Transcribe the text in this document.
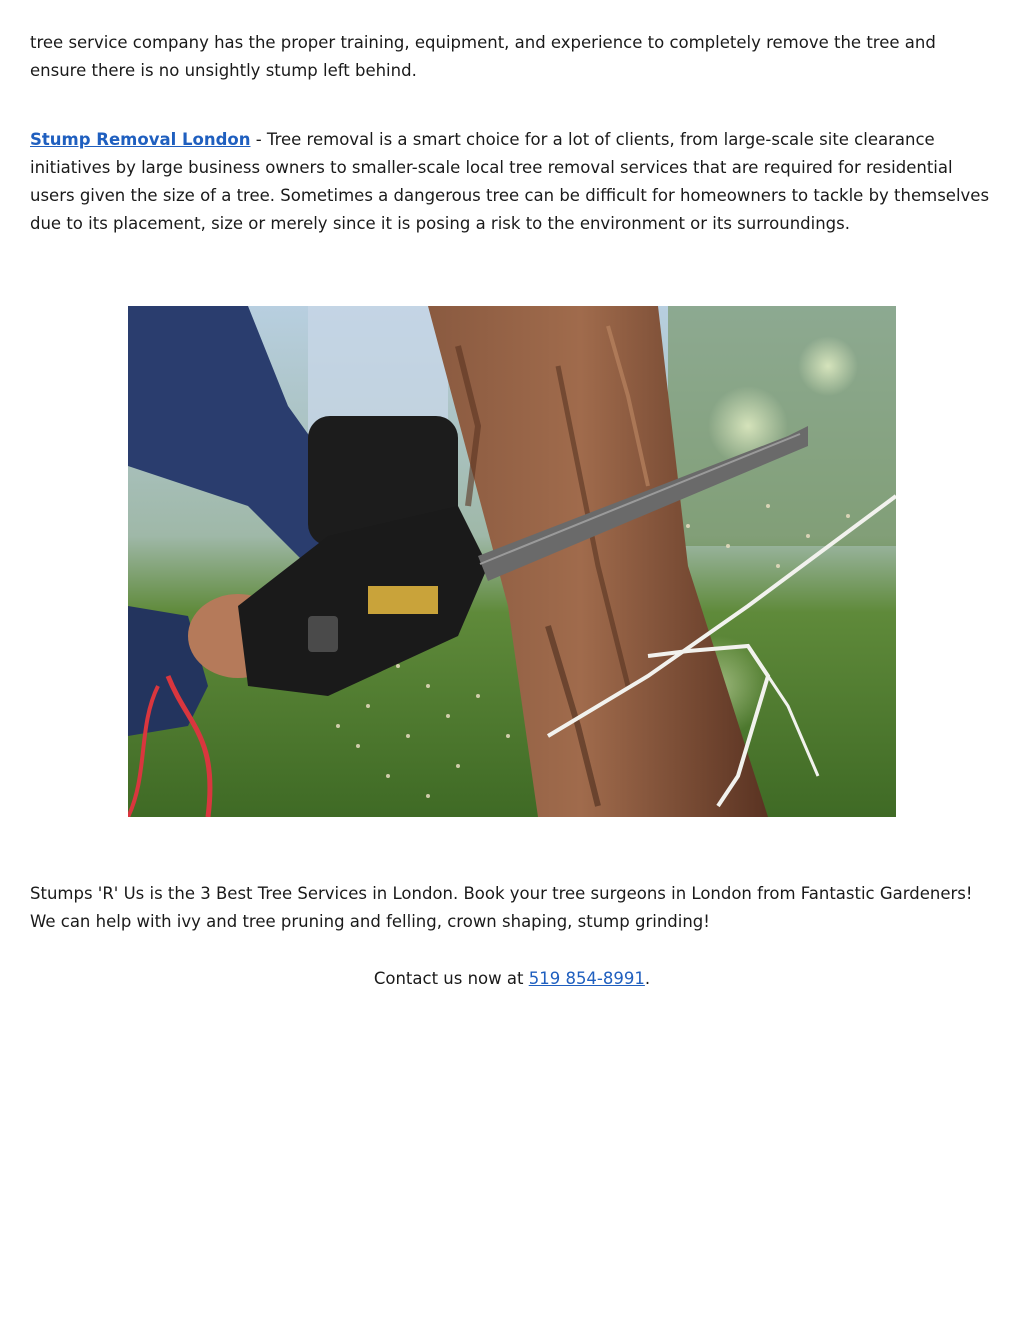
tree service company has the proper training, equipment, and experience to completely remove the tree and ensure there is no unsightly stump left behind.

Stump Removal London - Tree removal is a smart choice for a lot of clients, from large-scale site clearance initiatives by large business owners to smaller-scale local tree removal services that are required for residential users given the size of a tree. Sometimes a dangerous tree can be difficult for homeowners to tackle by themselves due to its placement, size or merely since it is posing a risk to the environment or its surroundings.

Stumps 'R' Us is the 3 Best Tree Services in London. Book your tree surgeons in London from Fantastic Gardeners! We can help with ivy and tree pruning and felling, crown shaping, stump grinding!

Contact us now at 519 854-8991.
